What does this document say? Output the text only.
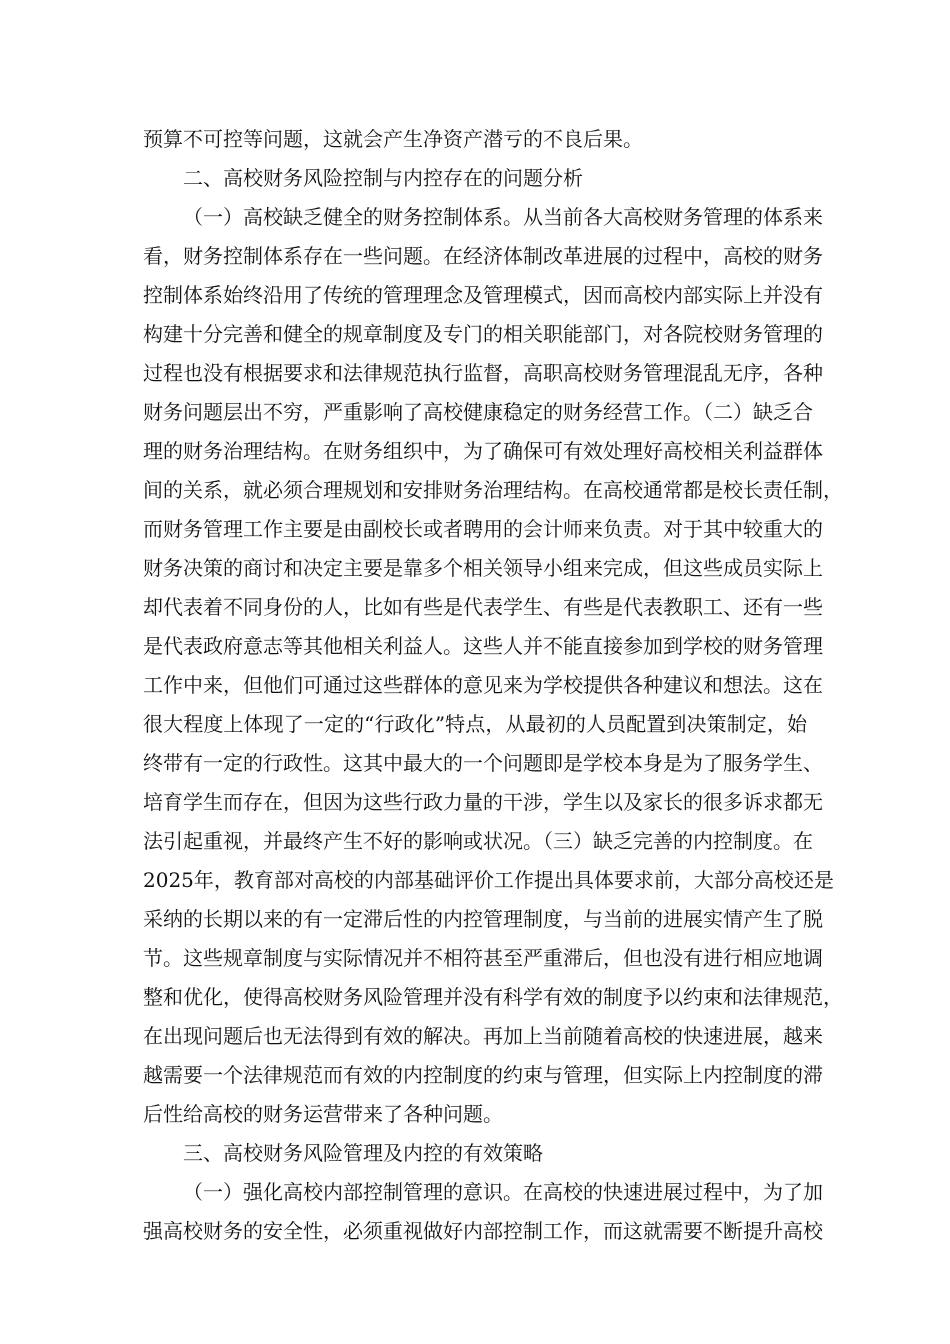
预算不可控等问题，这就会产生净资产潜亏的不良后果。
二、高校财务风险控制与内控存在的问题分析
（一）高校缺乏健全的财务控制体系。从当前各大高校财务管理的体系来
看，财务控制体系存在一些问题。在经济体制改革进展的过程中，高校的财务
控制体系始终沿用了传统的管理理念及管理模式，因而高校内部实际上并没有
构建十分完善和健全的规章制度及专门的相关职能部门，对各院校财务管理的
过程也没有根据要求和法律规范执行监督，高职高校财务管理混乱无序，各种
财务问题层出不穷，严重影响了高校健康稳定的财务经营工作。（二）缺乏合
理的财务治理结构。在财务组织中，为了确保可有效处理好高校相关利益群体
间的关系，就必须合理规划和安排财务治理结构。在高校通常都是校长责任制，
而财务管理工作主要是由副校长或者聘用的会计师来负责。对于其中较重大的
财务决策的商讨和决定主要是靠多个相关领导小组来完成，但这些成员实际上
却代表着不同身份的人，比如有些是代表学生、有些是代表教职工、还有一些
是代表政府意志等其他相关利益人。这些人并不能直接参加到学校的财务管理
工作中来，但他们可通过这些群体的意见来为学校提供各种建议和想法。这在
很大程度上体现了一定的“行政化”特点，从最初的人员配置到决策制定，始
终带有一定的行政性。这其中最大的一个问题即是学校本身是为了服务学生、
培育学生而存在，但因为这些行政力量的干涉，学生以及家长的很多诉求都无
法引起重视，并最终产生不好的影响或状况。（三）缺乏完善的内控制度。在
2025年，教育部对高校的内部基础评价工作提出具体要求前，大部分高校还是
采纳的长期以来的有一定滞后性的内控管理制度，与当前的进展实情产生了脱
节。这些规章制度与实际情况并不相符甚至严重滞后，但也没有进行相应地调
整和优化，使得高校财务风险管理并没有科学有效的制度予以约束和法律规范，
在出现问题后也无法得到有效的解决。再加上当前随着高校的快速进展，越来
越需要一个法律规范而有效的内控制度的约束与管理，但实际上内控制度的滞
后性给高校的财务运营带来了各种问题。
三、高校财务风险管理及内控的有效策略
（一）强化高校内部控制管理的意识。在高校的快速进展过程中，为了加
强高校财务的安全性，必须重视做好内部控制工作，而这就需要不断提升高校
